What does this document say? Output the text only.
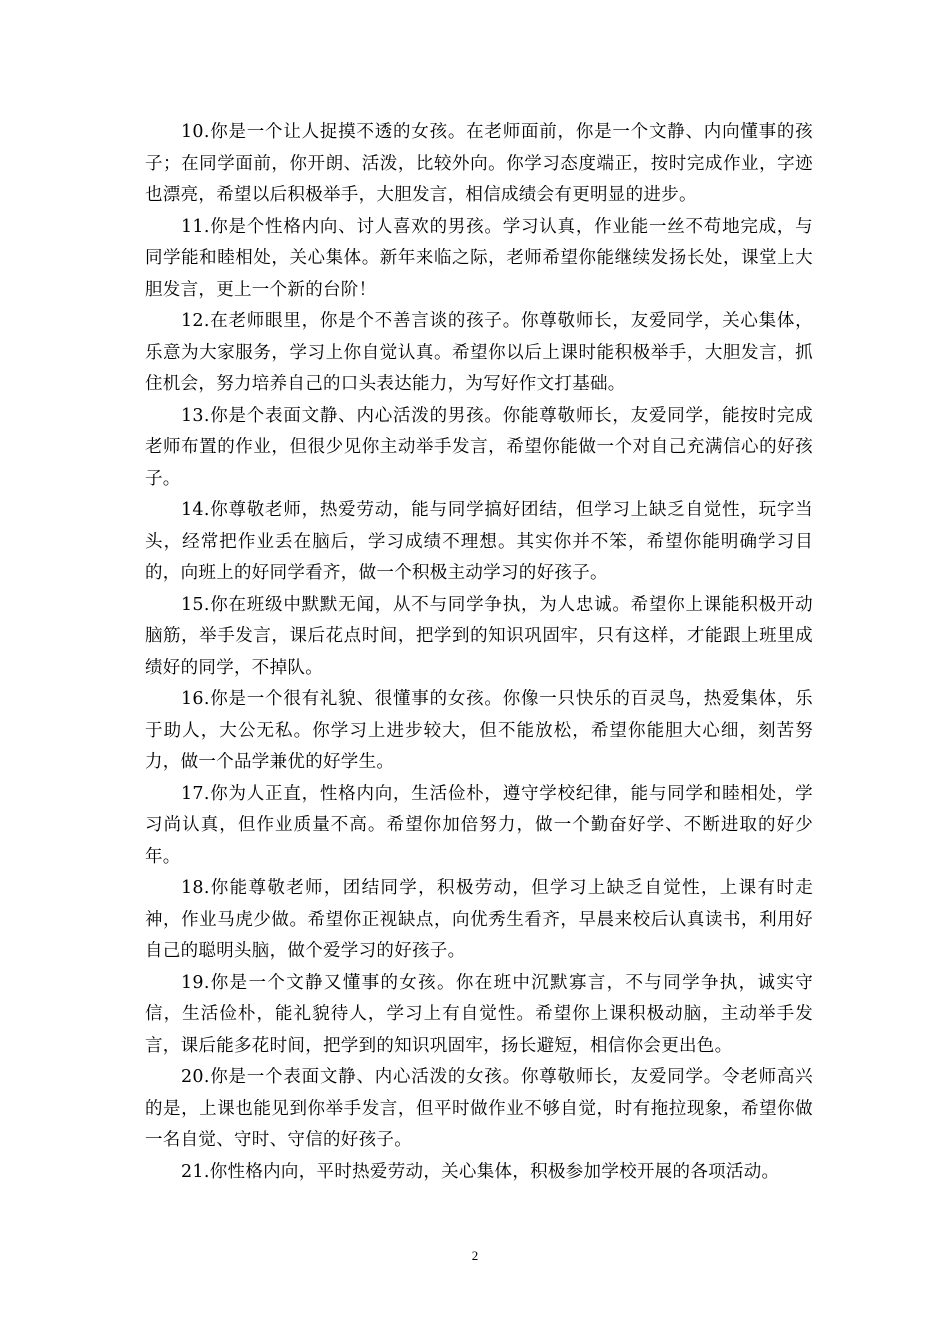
10.你是一个让人捉摸不透的女孩。在老师面前，你是一个文静、内向懂事的孩子；在同学面前，你开朗、活泼，比较外向。你学习态度端正，按时完成作业，字迹也漂亮，希望以后积极举手，大胆发言，相信成绩会有更明显的进步。

11.你是个性格内向、讨人喜欢的男孩。学习认真，作业能一丝不苟地完成，与同学能和睦相处，关心集体。新年来临之际，老师希望你能继续发扬长处，课堂上大胆发言，更上一个新的台阶！

12.在老师眼里，你是个不善言谈的孩子。你尊敬师长，友爱同学，关心集体，乐意为大家服务，学习上你自觉认真。希望你以后上课时能积极举手，大胆发言，抓住机会，努力培养自己的口头表达能力，为写好作文打基础。

13.你是个表面文静、内心活泼的男孩。你能尊敬师长，友爱同学，能按时完成老师布置的作业，但很少见你主动举手发言，希望你能做一个对自己充满信心的好孩子。

14.你尊敬老师，热爱劳动，能与同学搞好团结，但学习上缺乏自觉性，玩字当头，经常把作业丢在脑后，学习成绩不理想。其实你并不笨，希望你能明确学习目的，向班上的好同学看齐，做一个积极主动学习的好孩子。

15.你在班级中默默无闻，从不与同学争执，为人忠诚。希望你上课能积极开动脑筋，举手发言，课后花点时间，把学到的知识巩固牢，只有这样，才能跟上班里成绩好的同学，不掉队。

16.你是一个很有礼貌、很懂事的女孩。你像一只快乐的百灵鸟，热爱集体，乐于助人，大公无私。你学习上进步较大，但不能放松，希望你能胆大心细，刻苦努力，做一个品学兼优的好学生。

17.你为人正直，性格内向，生活俭朴，遵守学校纪律，能与同学和睦相处，学习尚认真，但作业质量不高。希望你加倍努力，做一个勤奋好学、不断进取的好少年。

18.你能尊敬老师，团结同学，积极劳动，但学习上缺乏自觉性，上课有时走神，作业马虎少做。希望你正视缺点，向优秀生看齐，早晨来校后认真读书，利用好自己的聪明头脑，做个爱学习的好孩子。

19.你是一个文静又懂事的女孩。你在班中沉默寡言，不与同学争执，诚实守信，生活俭朴，能礼貌待人，学习上有自觉性。希望你上课积极动脑，主动举手发言，课后能多花时间，把学到的知识巩固牢，扬长避短，相信你会更出色。

20.你是一个表面文静、内心活泼的女孩。你尊敬师长，友爱同学。令老师高兴的是，上课也能见到你举手发言，但平时做作业不够自觉，时有拖拉现象，希望你做一名自觉、守时、守信的好孩子。

21.你性格内向，平时热爱劳动，关心集体，积极参加学校开展的各项活动。

2
